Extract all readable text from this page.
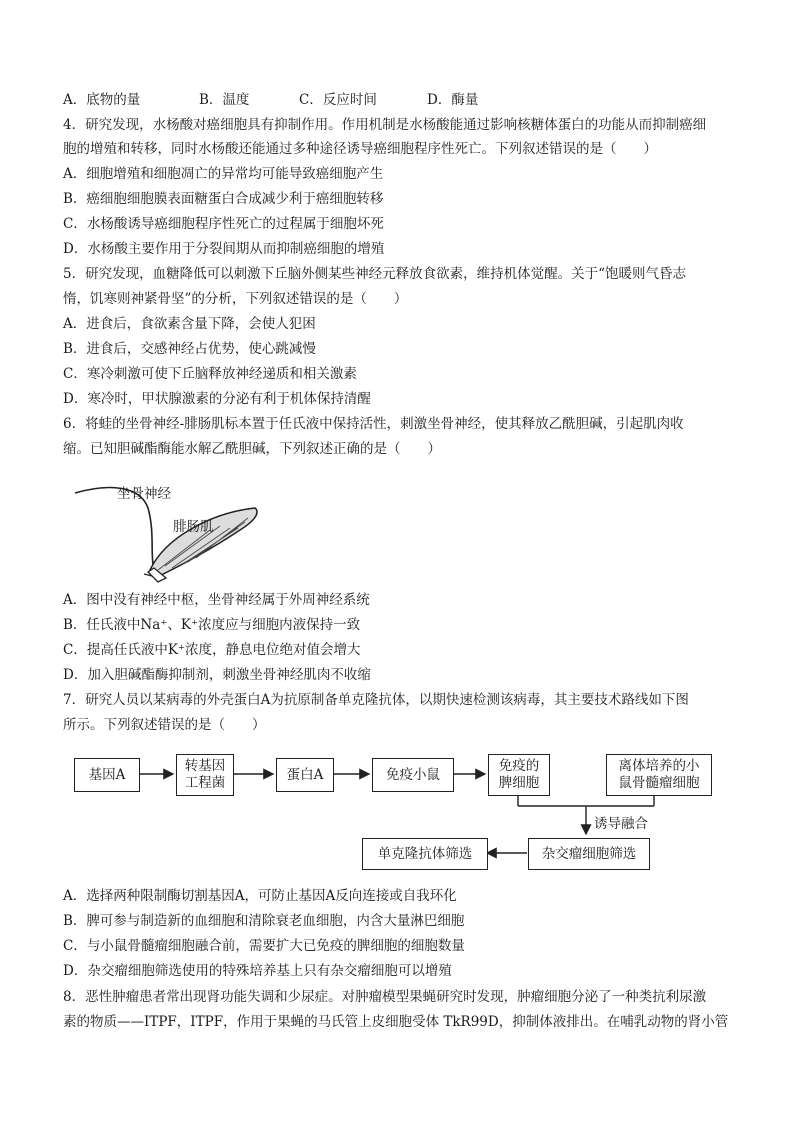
A．底物的量	B．温度	C．反应时间	D．酶量
4．研究发现，水杨酸对癌细胞具有抑制作用。作用机制是水杨酸能通过影响核糖体蛋白的功能从而抑制癌细
胞的增殖和转移，同时水杨酸还能通过多种途径诱导癌细胞程序性死亡。下列叙述错误的是（　　）
A．细胞增殖和细胞凋亡的异常均可能导致癌细胞产生
B．癌细胞细胞膜表面糖蛋白合成减少利于癌细胞转移
C．水杨酸诱导癌细胞程序性死亡的过程属于细胞坏死
D．水杨酸主要作用于分裂间期从而抑制癌细胞的增殖
5．研究发现，血糖降低可以刺激下丘脑外侧某些神经元释放食欲素，维持机体觉醒。关于“饱暖则气昏志
惰，饥寒则神紧骨坚”的分析，下列叙述错误的是（　　）
A．进食后，食欲素含量下降，会使人犯困
B．进食后，交感神经占优势，使心跳减慢
C．寒冷刺激可使下丘脑释放神经递质和相关激素
D．寒冷时，甲状腺激素的分泌有利于机体保持清醒
6．将蛙的坐骨神经-腓肠肌标本置于任氏液中保持活性，刺激坐骨神经，使其释放乙酰胆碱，引起肌肉收
缩。已知胆碱酯酶能水解乙酰胆碱，下列叙述正确的是（　　）
坐骨神经
腓肠肌
A．图中没有神经中枢，坐骨神经属于外周神经系统
B．任氏液中Na⁺、K⁺浓度应与细胞内液保持一致
C．提高任氏液中K⁺浓度，静息电位绝对值会增大
D．加入胆碱酯酶抑制剂，刺激坐骨神经肌肉不收缩
7．研究人员以某病毒的外壳蛋白A为抗原制备单克隆抗体，以期快速检测该病毒，其主要技术路线如下图
所示。下列叙述错误的是（　　）
基因A
转基因
工程菌
蛋白A	免疫小鼠
免疫的
脾细胞
离体培养的小
鼠骨髓瘤细胞
诱导融合
杂交瘤细胞筛选
单克隆抗体筛选
A．选择两种限制酶切割基因A，可防止基因A反向连接或自我环化
B．脾可参与制造新的血细胞和清除衰老血细胞，内含大量淋巴细胞
C．与小鼠骨髓瘤细胞融合前，需要扩大已免疫的脾细胞的细胞数量
D．杂交瘤细胞筛选使用的特殊培养基上只有杂交瘤细胞可以增殖
8．恶性肿瘤患者常出现肾功能失调和少尿症。对肿瘤模型果蝇研究时发现，肿瘤细胞分泌了一种类抗利尿激
素的物质——ITPF，ITPF，作用于果蝇的马氏管上皮细胞受体 TkR99D，抑制体液排出。在哺乳动物的肾小管
